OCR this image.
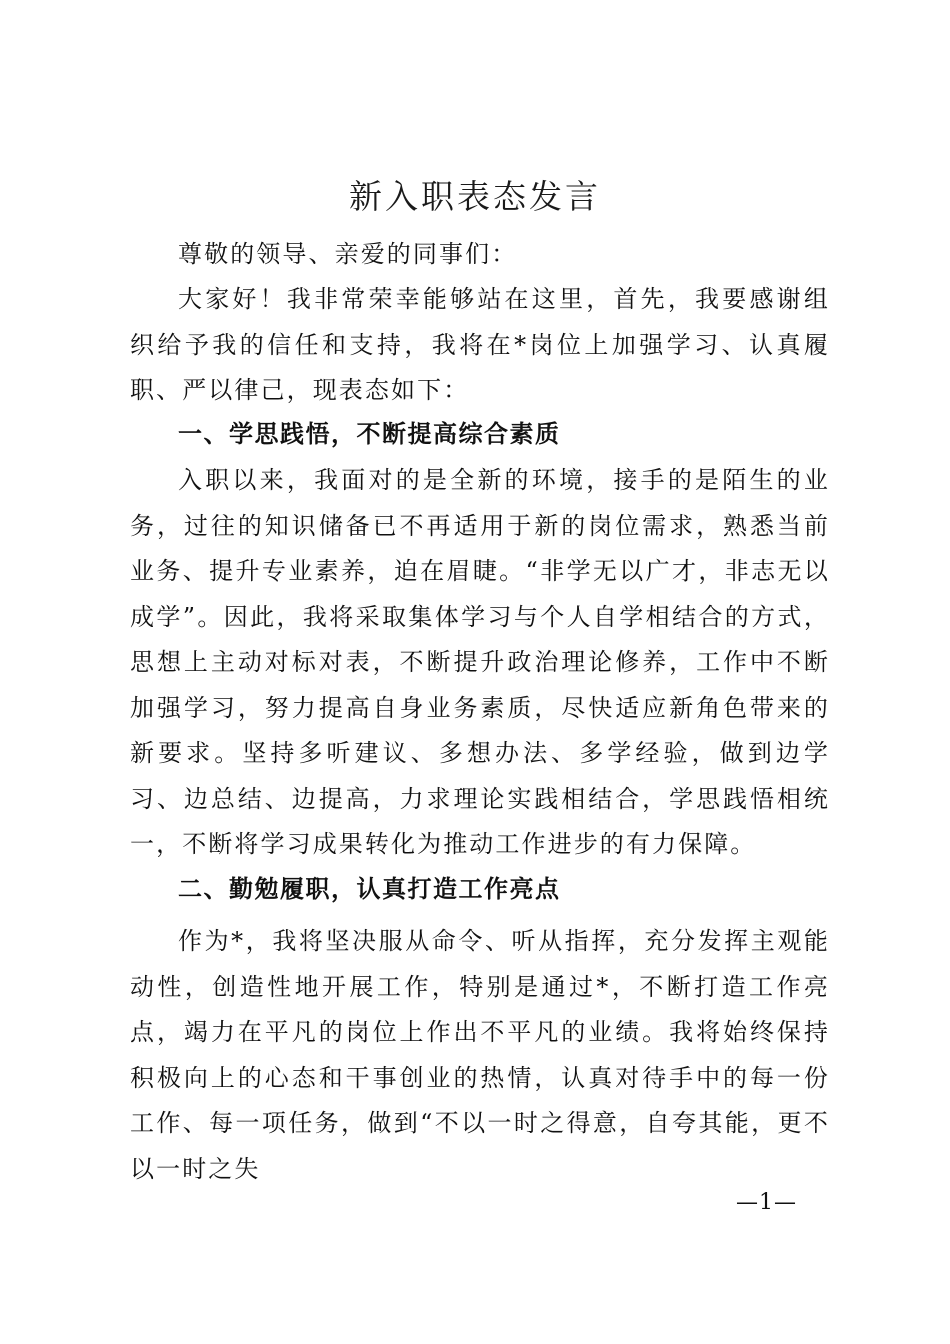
新入职表态发言

尊敬的领导、亲爱的同事们：

大家好！我非常荣幸能够站在这里，首先，我要感谢组织给予我的信任和支持，我将在*岗位上加强学习、认真履职、严以律己，现表态如下：

一、学思践悟，不断提高综合素质

入职以来，我面对的是全新的环境，接手的是陌生的业务，过往的知识储备已不再适用于新的岗位需求，熟悉当前业务、提升专业素养，迫在眉睫。“非学无以广才，非志无以成学”。因此，我将采取集体学习与个人自学相结合的方式，思想上主动对标对表，不断提升政治理论修养，工作中不断加强学习，努力提高自身业务素质，尽快适应新角色带来的新要求。坚持多听建议、多想办法、多学经验，做到边学习、边总结、边提高，力求理论实践相结合，学思践悟相统一，不断将学习成果转化为推动工作进步的有力保障。

二、勤勉履职，认真打造工作亮点

作为*，我将坚决服从命令、听从指挥，充分发挥主观能动性，创造性地开展工作，特别是通过*，不断打造工作亮点，竭力在平凡的岗位上作出不平凡的业绩。我将始终保持积极向上的心态和干事创业的热情，认真对待手中的每一份工作、每一项任务，做到“不以一时之得意，自夸其能，更不以一时之失

—1—
